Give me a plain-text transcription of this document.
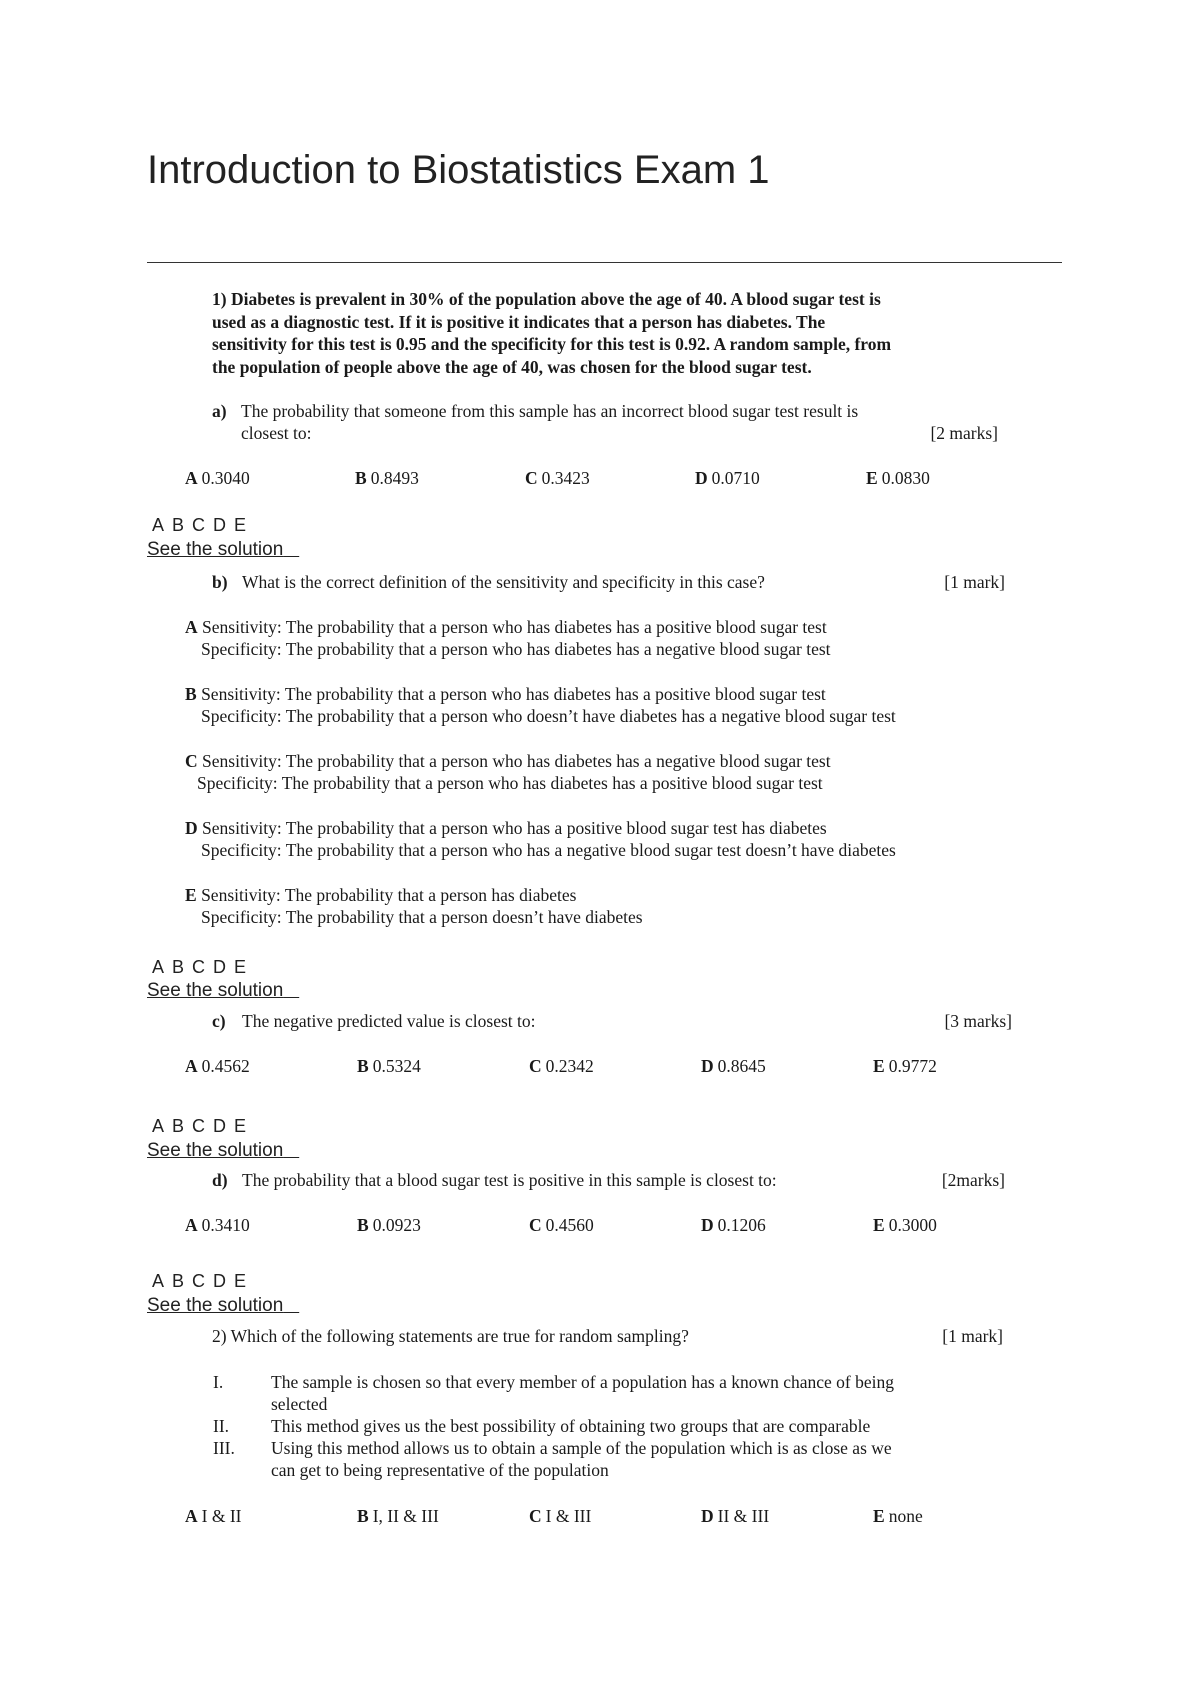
Introduction to Biostatistics Exam 1
1) Diabetes is prevalent in 30% of the population above the age of 40. A blood sugar test is
used as a diagnostic test. If it is positive it indicates that a person has diabetes. The
sensitivity for this test is 0.95 and the specificity for this test is 0.92. A random sample, from
the population of people above the age of 40, was chosen for the blood sugar test.
a) The probability that someone from this sample has an incorrect blood sugar test result is
closest to:	[2 marks]
A 0.3040	B 0.8493	C 0.3423	D 0.0710	E 0.0830
A B C D E
See the solution
b) What is the correct definition of the sensitivity and specificity in this case?	[1 mark]
A Sensitivity: The probability that a person who has diabetes has a positive blood sugar test
Specificity: The probability that a person who has diabetes has a negative blood sugar test
B Sensitivity: The probability that a person who has diabetes has a positive blood sugar test
Specificity: The probability that a person who doesn’t have diabetes has a negative blood sugar test
C Sensitivity: The probability that a person who has diabetes has a negative blood sugar test
Specificity: The probability that a person who has diabetes has a positive blood sugar test
D Sensitivity: The probability that a person who has a positive blood sugar test has diabetes
Specificity: The probability that a person who has a negative blood sugar test doesn’t have diabetes
E Sensitivity: The probability that a person has diabetes
Specificity: The probability that a person doesn’t have diabetes
A B C D E
See the solution
c) The negative predicted value is closest to:	[3 marks]
A 0.4562	B 0.5324	C 0.2342	D 0.8645	E 0.9772
A B C D E
See the solution
d) The probability that a blood sugar test is positive in this sample is closest to:	[2marks]
A 0.3410	B 0.0923	C 0.4560	D 0.1206	E 0.3000
A B C D E
See the solution
2) Which of the following statements are true for random sampling?	[1 mark]
I.	The sample is chosen so that every member of a population has a known chance of being
selected
II. This method gives us the best possibility of obtaining two groups that are comparable
III. Using this method allows us to obtain a sample of the population which is as close as we
can get to being representative of the population
A I & II	B I, II & III	C I & III	D II & III	E none
